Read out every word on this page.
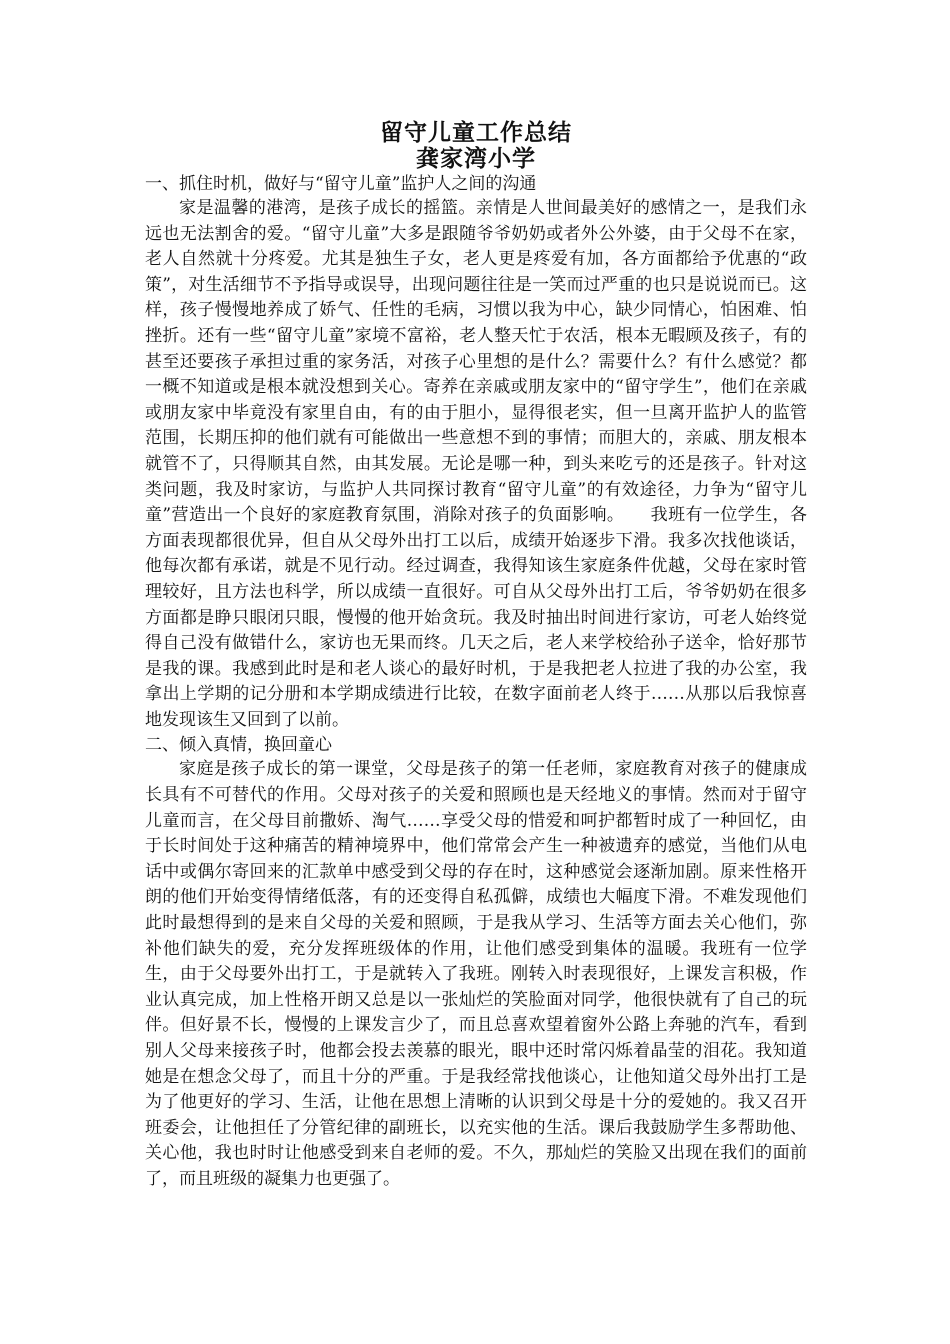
留守儿童工作总结
龚家湾小学

一、抓住时机，做好与“留守儿童”监护人之间的沟通

家是温馨的港湾，是孩子成长的摇篮。亲情是人世间最美好的感情之一，是我们永远也无法割舍的爱。“留守儿童”大多是跟随爷爷奶奶或者外公外婆，由于父母不在家，老人自然就十分疼爱。尤其是独生子女，老人更是疼爱有加，各方面都给予优惠的“政策”，对生活细节不予指导或误导，出现问题往往是一笑而过严重的也只是说说而已。这样，孩子慢慢地养成了娇气、任性的毛病，习惯以我为中心，缺少同情心，怕困难、怕挫折。还有一些“留守儿童”家境不富裕，老人整天忙于农活，根本无暇顾及孩子，有的甚至还要孩子承担过重的家务活，对孩子心里想的是什么？需要什么？有什么感觉？都一概不知道或是根本就没想到关心。寄养在亲戚或朋友家中的“留守学生”，他们在亲戚或朋友家中毕竟没有家里自由，有的由于胆小，显得很老实，但一旦离开监护人的监管范围，长期压抑的他们就有可能做出一些意想不到的事情；而胆大的，亲戚、朋友根本就管不了，只得顺其自然，由其发展。无论是哪一种，到头来吃亏的还是孩子。针对这类问题，我及时家访，与监护人共同探讨教育“留守儿童”的有效途径，力争为“留守儿童”营造出一个良好的家庭教育氛围，消除对孩子的负面影响。　　我班有一位学生，各方面表现都很优异，但自从父母外出打工以后，成绩开始逐步下滑。我多次找他谈话，他每次都有承诺，就是不见行动。经过调查，我得知该生家庭条件优越，父母在家时管理较好，且方法也科学，所以成绩一直很好。可自从父母外出打工后，爷爷奶奶在很多方面都是睁只眼闭只眼，慢慢的他开始贪玩。我及时抽出时间进行家访，可老人始终觉得自己没有做错什么，家访也无果而终。几天之后，老人来学校给孙子送伞，恰好那节是我的课。我感到此时是和老人谈心的最好时机，于是我把老人拉进了我的办公室，我拿出上学期的记分册和本学期成绩进行比较，在数字面前老人终于……从那以后我惊喜地发现该生又回到了以前。

二、倾入真情，换回童心

家庭是孩子成长的第一课堂，父母是孩子的第一任老师，家庭教育对孩子的健康成长具有不可替代的作用。父母对孩子的关爱和照顾也是天经地义的事情。然而对于留守儿童而言，在父母目前撒娇、淘气……享受父母的惜爱和呵护都暂时成了一种回忆，由于长时间处于这种痛苦的精神境界中，他们常常会产生一种被遗弃的感觉，当他们从电话中或偶尔寄回来的汇款单中感受到父母的存在时，这种感觉会逐渐加剧。原来性格开朗的他们开始变得情绪低落，有的还变得自私孤僻，成绩也大幅度下滑。不难发现他们此时最想得到的是来自父母的关爱和照顾，于是我从学习、生活等方面去关心他们，弥补他们缺失的爱，充分发挥班级体的作用，让他们感受到集体的温暖。我班有一位学生，由于父母要外出打工，于是就转入了我班。刚转入时表现很好，上课发言积极，作业认真完成，加上性格开朗又总是以一张灿烂的笑脸面对同学，他很快就有了自己的玩伴。但好景不长，慢慢的上课发言少了，而且总喜欢望着窗外公路上奔驰的汽车，看到别人父母来接孩子时，他都会投去羡慕的眼光，眼中还时常闪烁着晶莹的泪花。我知道她是在想念父母了，而且十分的严重。于是我经常找他谈心，让他知道父母外出打工是为了他更好的学习、生活，让他在思想上清晰的认识到父母是十分的爱她的。我又召开班委会，让他担任了分管纪律的副班长，以充实他的生活。课后我鼓励学生多帮助他、关心他，我也时时让他感受到来自老师的爱。不久，那灿烂的笑脸又出现在我们的面前了，而且班级的凝集力也更强了。
